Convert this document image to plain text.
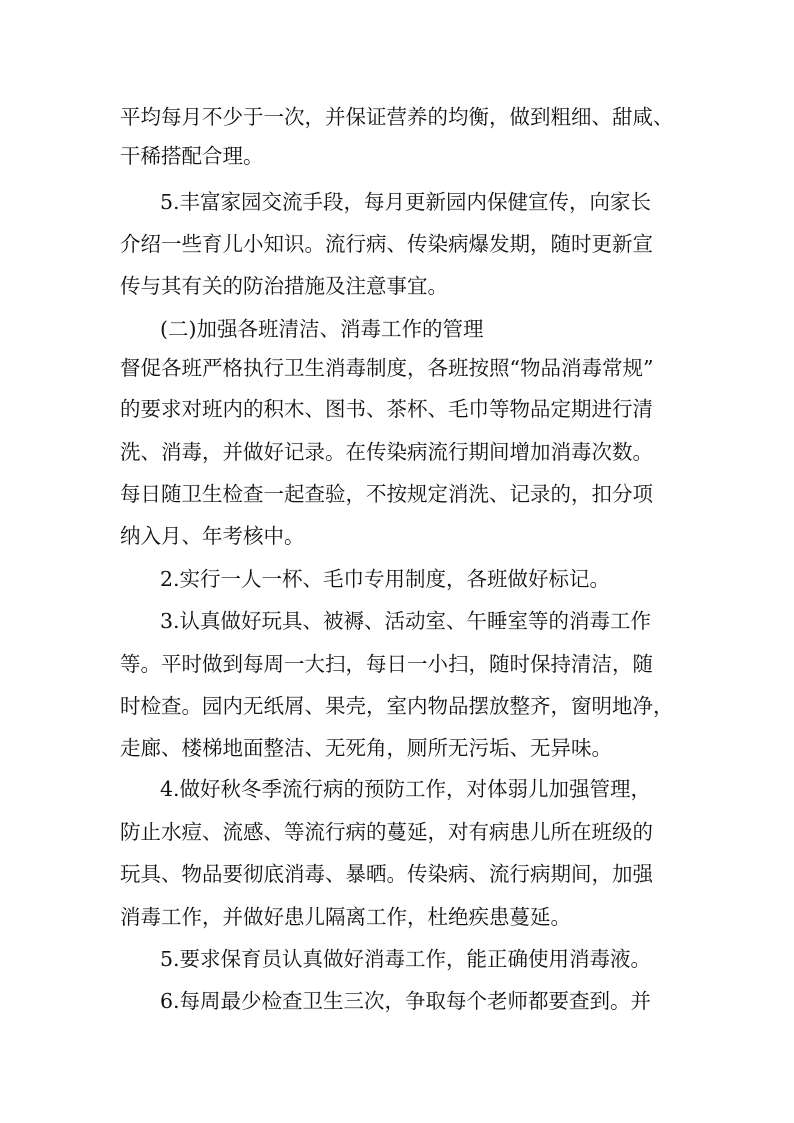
平均每月不少于一次，并保证营养的均衡，做到粗细、甜咸、

干稀搭配合理。

5.丰富家园交流手段，每月更新园内保健宣传，向家长

介绍一些育儿小知识。流行病、传染病爆发期，随时更新宣

传与其有关的防治措施及注意事宜。

(二)加强各班清洁、消毒工作的管理

督促各班严格执行卫生消毒制度，各班按照“物品消毒常规”

的要求对班内的积木、图书、茶杯、毛巾等物品定期进行清

洗、消毒，并做好记录。在传染病流行期间增加消毒次数。

每日随卫生检查一起查验，不按规定消洗、记录的，扣分项

纳入月、年考核中。

2.实行一人一杯、毛巾专用制度，各班做好标记。

3.认真做好玩具、被褥、活动室、午睡室等的消毒工作

等。平时做到每周一大扫，每日一小扫，随时保持清洁，随

时检查。园内无纸屑、果壳，室内物品摆放整齐，窗明地净，

走廊、楼梯地面整洁、无死角，厕所无污垢、无异味。

4.做好秋冬季流行病的预防工作，对体弱儿加强管理，

防止水痘、流感、等流行病的蔓延，对有病患儿所在班级的

玩具、物品要彻底消毒、暴晒。传染病、流行病期间，加强

消毒工作，并做好患儿隔离工作，杜绝疾患蔓延。

5.要求保育员认真做好消毒工作，能正确使用消毒液。

6.每周最少检查卫生三次，争取每个老师都要查到。并
